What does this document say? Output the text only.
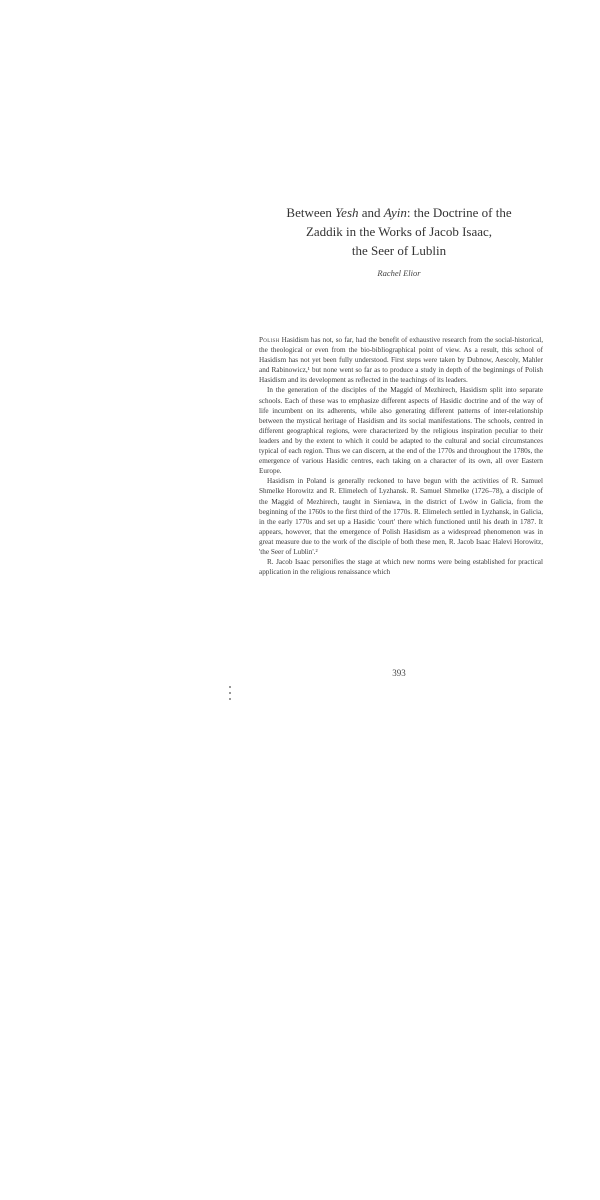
Between Yesh and Ayin: the Doctrine of the

Zaddik in the Works of Jacob Isaac,

the Seer of Lublin

Rachel Elior

Polish Hasidism has not, so far, had the benefit of exhaustive research from the social-historical, the theological or even from the bio-bibliographical point of view. As a result, this school of Hasidism has not yet been fully understood. First steps were taken by Dubnow, Aescoly, Mahler and Rabinowicz,¹ but none went so far as to produce a study in depth of the beginnings of Polish Hasidism and its development as reflected in the teachings of its leaders.

In the generation of the disciples of the Maggid of Mezhirech, Hasidism split into separate schools. Each of these was to emphasize different aspects of Hasidic doctrine and of the way of life incumbent on its adherents, while also generating different patterns of inter-relationship between the mystical heritage of Hasidism and its social manifestations. The schools, centred in different geographical regions, were characterized by the religious inspiration peculiar to their leaders and by the extent to which it could be adapted to the cultural and social circumstances typical of each region. Thus we can discern, at the end of the 1770s and throughout the 1780s, the emergence of various Hasidic centres, each taking on a character of its own, all over Eastern Europe.

Hasidism in Poland is generally reckoned to have begun with the activities of R. Samuel Shmelke Horowitz and R. Elimelech of Lyzhansk. R. Samuel Shmelke (1726–78), a disciple of the Maggid of Mezhirech, taught in Sieniawa, in the district of Lwów in Galicia, from the beginning of the 1760s to the first third of the 1770s. R. Elimelech settled in Lyzhansk, in Galicia, in the early 1770s and set up a Hasidic 'court' there which functioned until his death in 1787. It appears, however, that the emergence of Polish Hasidism as a widespread phenomenon was in great measure due to the work of the disciple of both these men, R. Jacob Isaac Halevi Horowitz, 'the Seer of Lublin'.²

R. Jacob Isaac personifies the stage at which new norms were being established for practical application in the religious renaissance which

393
